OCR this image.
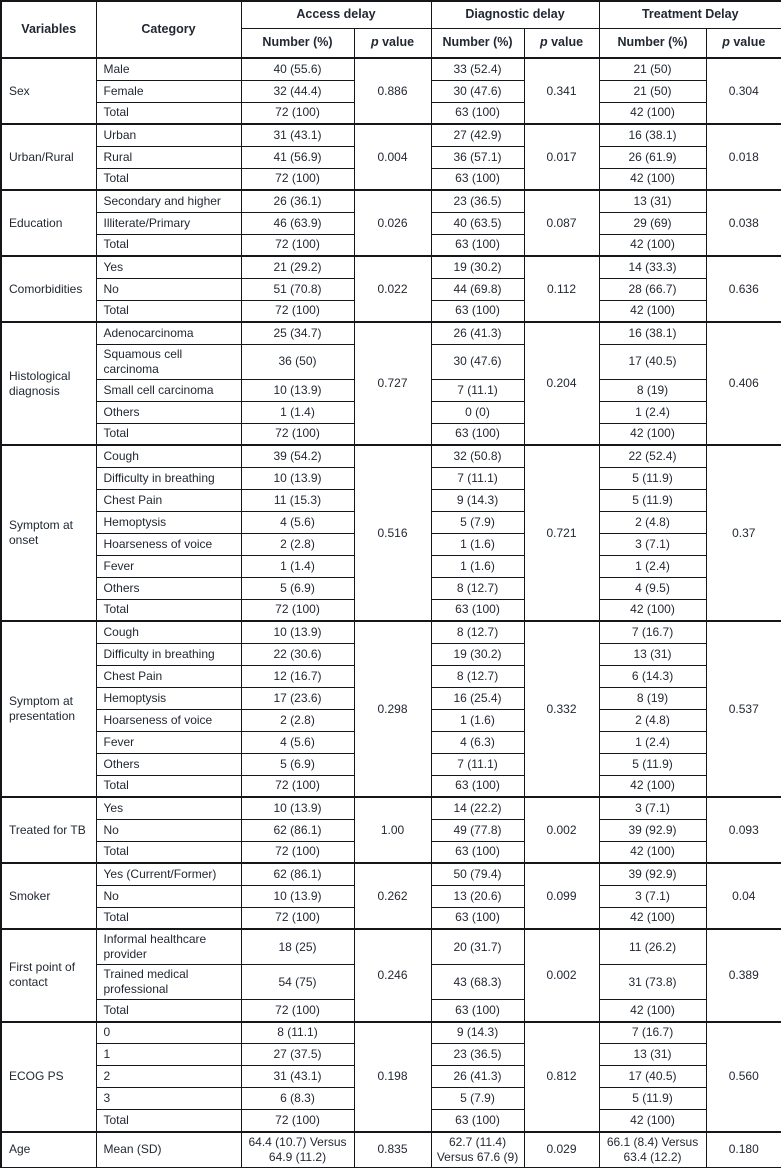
Variables	Category	Access delay		Diagnostic delay		Treatment Delay	
		Number (%)	p value	Number (%)	p value	Number (%)	p value
Sex	Male	40 (55.6)	0.886	33 (52.4)	0.341	21 (50)	0.304
	Female	32 (44.4)		30 (47.6)		21 (50)	
	Total	72 (100)		63 (100)		42 (100)	
Urban/Rural	Urban	31 (43.1)	0.004	27 (42.9)	0.017	16 (38.1)	0.018
	Rural	41 (56.9)		36 (57.1)		26 (61.9)	
	Total	72 (100)		63 (100)		42 (100)	
Education	Secondary and higher	26 (36.1)	0.026	23 (36.5)	0.087	13 (31)	0.038
	Illiterate/Primary	46 (63.9)		40 (63.5)		29 (69)	
	Total	72 (100)		63 (100)		42 (100)	
Comorbidities	Yes	21 (29.2)	0.022	19 (30.2)	0.112	14 (33.3)	0.636
	No	51 (70.8)		44 (69.8)		28 (66.7)	
	Total	72 (100)		63 (100)		42 (100)	
Histological diagnosis	Adenocarcinoma	25 (34.7)	0.727	26 (41.3)	0.204	16 (38.1)	0.406
	Squamous cell carcinoma	36 (50)		30 (47.6)		17 (40.5)	
	Small cell carcinoma	10 (13.9)		7 (11.1)		8 (19)	
	Others	1 (1.4)		0 (0)		1 (2.4)	
	Total	72 (100)		63 (100)		42 (100)	
Symptom at onset	Cough	39 (54.2)	0.516	32 (50.8)	0.721	22 (52.4)	0.37
	Difficulty in breathing	10 (13.9)		7 (11.1)		5 (11.9)	
	Chest Pain	11 (15.3)		9 (14.3)		5 (11.9)	
	Hemoptysis	4 (5.6)		5 (7.9)		2 (4.8)	
	Hoarseness of voice	2 (2.8)		1 (1.6)		3 (7.1)	
	Fever	1 (1.4)		1 (1.6)		1 (2.4)	
	Others	5 (6.9)		8 (12.7)		4 (9.5)	
	Total	72 (100)		63 (100)		42 (100)	
Symptom at presentation	Cough	10 (13.9)	0.298	8 (12.7)	0.332	7 (16.7)	0.537
	Difficulty in breathing	22 (30.6)		19 (30.2)		13 (31)	
	Chest Pain	12 (16.7)		8 (12.7)		6 (14.3)	
	Hemoptysis	17 (23.6)		16 (25.4)		8 (19)	
	Hoarseness of voice	2 (2.8)		1 (1.6)		2 (4.8)	
	Fever	4 (5.6)		4 (6.3)		1 (2.4)	
	Others	5 (6.9)		7 (11.1)		5 (11.9)	
	Total	72 (100)		63 (100)		42 (100)	
Treated for TB	Yes	10 (13.9)	1.00	14 (22.2)	0.002	3 (7.1)	0.093
	No	62 (86.1)		49 (77.8)		39 (92.9)	
	Total	72 (100)		63 (100)		42 (100)	
Smoker	Yes (Current/Former)	62 (86.1)	0.262	50 (79.4)	0.099	39 (92.9)	0.04
	No	10 (13.9)		13 (20.6)		3 (7.1)	
	Total	72 (100)		63 (100)		42 (100)	
First point of contact	Informal healthcare provider	18 (25)	0.246	20 (31.7)	0.002	11 (26.2)	0.389
	Trained medical professional	54 (75)		43 (68.3)		31 (73.8)	
	Total	72 (100)		63 (100)		42 (100)	
ECOG PS	0	8 (11.1)	0.198	9 (14.3)	0.812	7 (16.7)	0.560
	1	27 (37.5)		23 (36.5)		13 (31)	
	2	31 (43.1)		26 (41.3)		17 (40.5)	
	3	6 (8.3)		5 (7.9)		5 (11.9)	
	Total	72 (100)		63 (100)		42 (100)	
Age	Mean (SD)	64.4 (10.7) Versus 64.9 (11.2)	0.835	62.7 (11.4) Versus 67.6 (9)	0.029	66.1 (8.4) Versus 63.4 (12.2)	0.180
